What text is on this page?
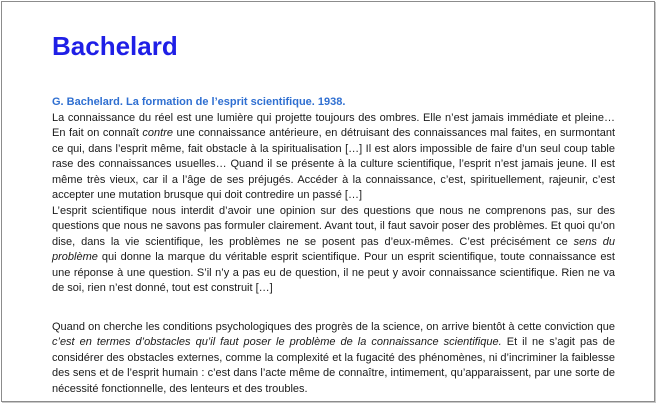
Bachelard
G. Bachelard. La formation de l’esprit scientifique. 1938.

La connaissance du réel est une lumière qui projette toujours des ombres. Elle n’est jamais immédiate et pleine… En fait on connaît contre une connaissance antérieure, en détruisant des connaissances mal faites, en surmontant ce qui, dans l’esprit même, fait obstacle à la spiritualisation […] Il est alors impossible de faire d’un seul coup table rase des connaissances usuelles… Quand il se présente à la culture scientifique, l’esprit n’est jamais jeune. Il est même très vieux, car il a l’âge de ses préjugés. Accéder à la connaissance, c’est, spirituellement, rajeunir, c’est accepter une mutation brusque qui doit contredire un passé […]

L’esprit scientifique nous interdit d’avoir une opinion sur des questions que nous ne comprenons pas, sur des questions que nous ne savons pas formuler clairement. Avant tout, il faut savoir poser des problèmes. Et quoi qu’on dise, dans la vie scientifique, les problèmes ne se posent pas d’eux-mêmes. C’est précisément ce sens du problème qui donne la marque du véritable esprit scientifique. Pour un esprit scientifique, toute connaissance est une réponse à une question. S’il n’y a pas eu de question, il ne peut y avoir connaissance scientifique. Rien ne va de soi, rien n’est donné, tout est construit […]

Quand on cherche les conditions psychologiques des progrès de la science, on arrive bientôt à cette conviction que c’est en termes d’obstacles qu’il faut poser le problème de la connaissance scientifique. Et il ne s’agit pas de considérer des obstacles externes, comme la complexité et la fugacité des phénomènes, ni d’incriminer la faiblesse des sens et de l’esprit humain : c’est dans l’acte même de connaître, intimement, qu’apparaissent, par une sorte de nécessité fonctionnelle, des lenteurs et des troubles.
